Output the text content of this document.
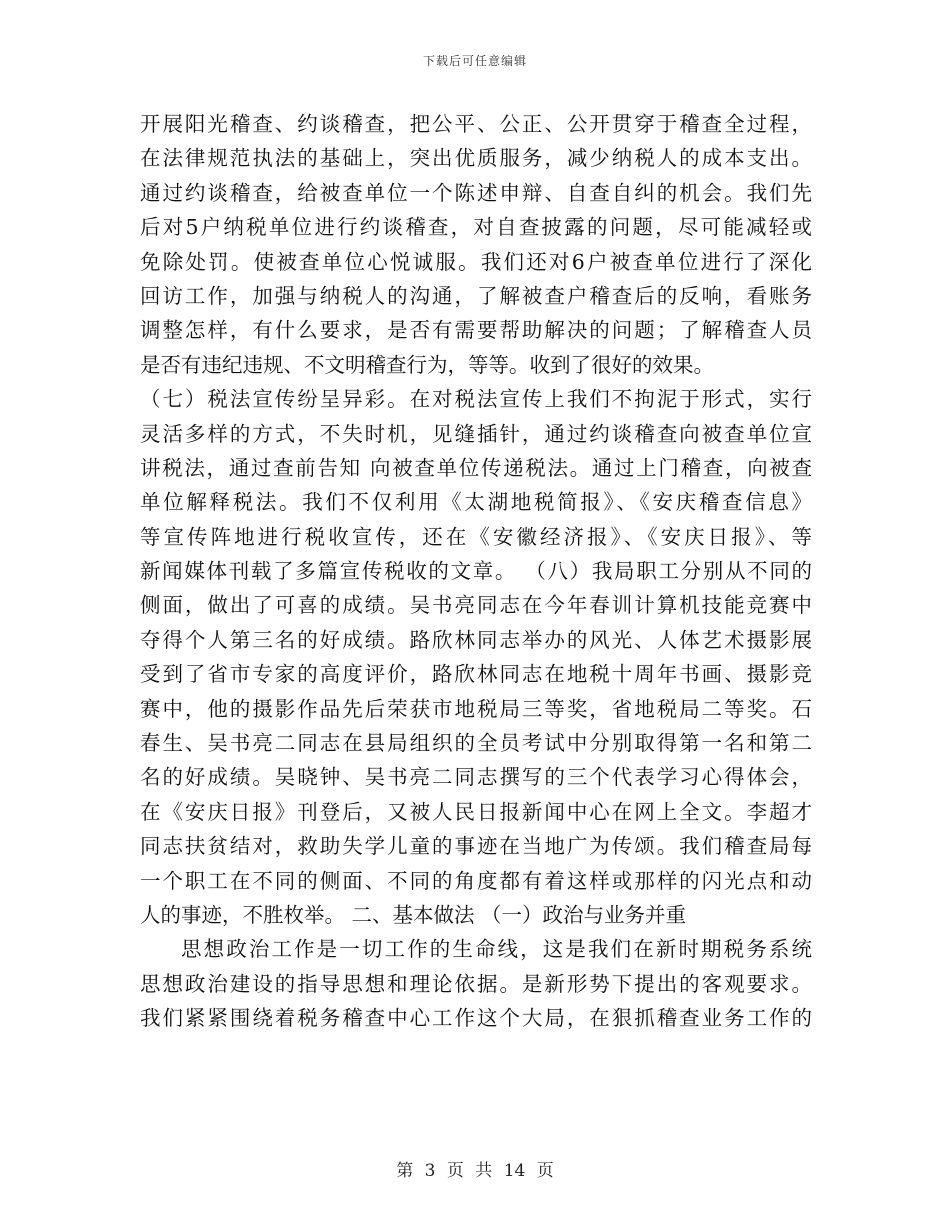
下载后可任意编辑
开展阳光稽查、约谈稽查，把公平、公正、公开贯穿于稽查全过程，
在法律规范执法的基础上，突出优质服务，减少纳税人的成本支出。
通过约谈稽查，给被查单位一个陈述申辩、自查自纠的机会。我们先
后对5户纳税单位进行约谈稽查，对自查披露的问题，尽可能减轻或
免除处罚。使被查单位心悦诚服。我们还对6户被查单位进行了深化
回访工作，加强与纳税人的沟通，了解被查户稽查后的反响，看账务
调整怎样，有什么要求，是否有需要帮助解决的问题；了解稽查人员
是否有违纪违规、不文明稽查行为，等等。收到了很好的效果。
（七）税法宣传纷呈异彩。在对税法宣传上我们不拘泥于形式，实行
灵活多样的方式，不失时机，见缝插针，通过约谈稽查向被查单位宣
讲税法，通过查前告知 向被查单位传递税法。通过上门稽查，向被查
单位解释税法。我们不仅利用《太湖地税简报》、《安庆稽查信息》
等宣传阵地进行税收宣传，还在《安徽经济报》、《安庆日报》、等
新闻媒体刊载了多篇宣传税收的文章。 （八）我局职工分别从不同的
侧面，做出了可喜的成绩。吴书亮同志在今年春训计算机技能竞赛中
夺得个人第三名的好成绩。路欣林同志举办的风光、人体艺术摄影展
受到了省市专家的高度评价，路欣林同志在地税十周年书画、摄影竞
赛中，他的摄影作品先后荣获市地税局三等奖，省地税局二等奖。石
春生、吴书亮二同志在县局组织的全员考试中分别取得第一名和第二
名的好成绩。吴晓钟、吴书亮二同志撰写的三个代表学习心得体会，
在《安庆日报》刊登后，又被人民日报新闻中心在网上全文。李超才
同志扶贫结对，救助失学儿童的事迹在当地广为传颂。我们稽查局每
一个职工在不同的侧面、不同的角度都有着这样或那样的闪光点和动
人的事迹，不胜枚举。 二、基本做法 （一）政治与业务并重
思想政治工作是一切工作的生命线，这是我们在新时期税务系统
思想政治建设的指导思想和理论依据。是新形势下提出的客观要求。
我们紧紧围绕着税务稽查中心工作这个大局，在狠抓稽查业务工作的
第 3 页 共 14 页
